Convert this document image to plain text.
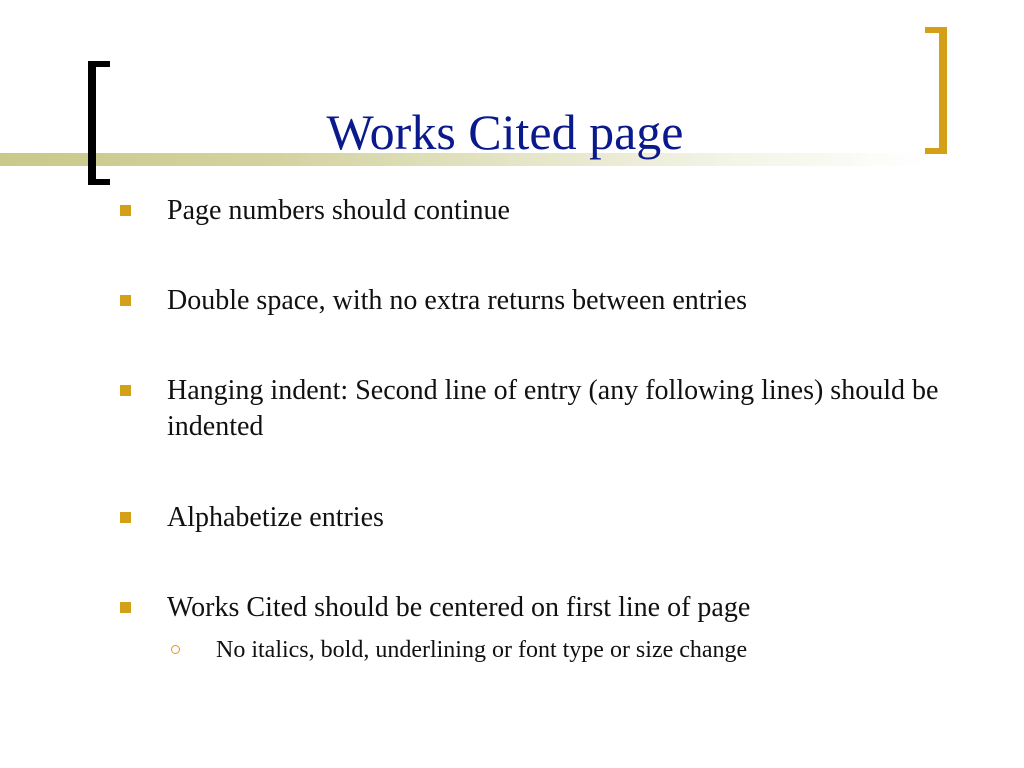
Works Cited page
Page numbers should continue
Double space, with no extra returns between entries
Hanging indent: Second line of entry (any following lines) should be indented
Alphabetize entries
Works Cited should be centered on first line of page
No italics, bold, underlining or font type or size change
